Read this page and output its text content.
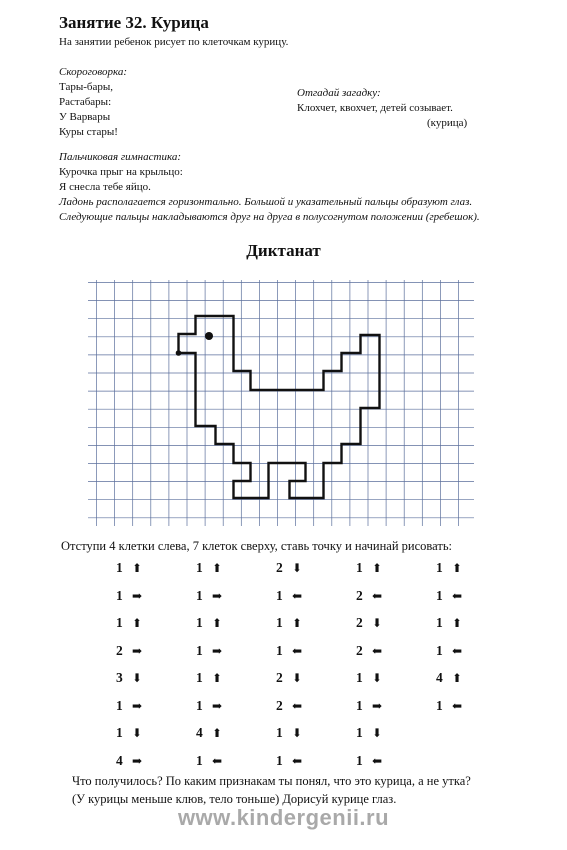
Занятие 32. Курица
На занятии ребенок рисует по клеточкам курицу.
Скороговорка:
Тары-бары,
Растабары:
У Варвары
Куры стары!
Отгадай загадку:
Клохчет, квохчет, детей созывает.
(курица)
Пальчиковая гимнастика:
Курочка прыг на крыльцо:
Я снесла тебе яйцо.
Ладонь располагается горизонтально. Большой и указательный пальцы образуют глаз.
Следующие пальцы накладываются друг на друга в полусогнутом положении (гребешок).
Диктанат
Отступи 4 клетки слева, 7 клеток сверху, ставь точку и начинай рисовать:
1 ⬆
1 ➡
1 ⬆
2 ➡
3 ⬇
1 ➡
1 ⬇
4 ➡
1 ⬆
1 ➡
1 ⬆
1 ➡
1 ⬆
1 ➡
4 ⬆
1 ⬅
2 ⬇
1 ⬅
1 ⬆
1 ⬅
2 ⬇
2 ⬅
1 ⬇
1 ⬅
1 ⬆
2 ⬅
2 ⬇
2 ⬅
1 ⬇
1 ➡
1 ⬇
1 ⬅
1 ⬆
1 ⬅
1 ⬆
1 ⬅
4 ⬆
1 ⬅
Что получилось? По каким признакам ты понял, что это курица, а не утка?
(У курицы меньше клюв, тело тоньше) Дорисуй курице глаз.
www.kindergenii.ru
